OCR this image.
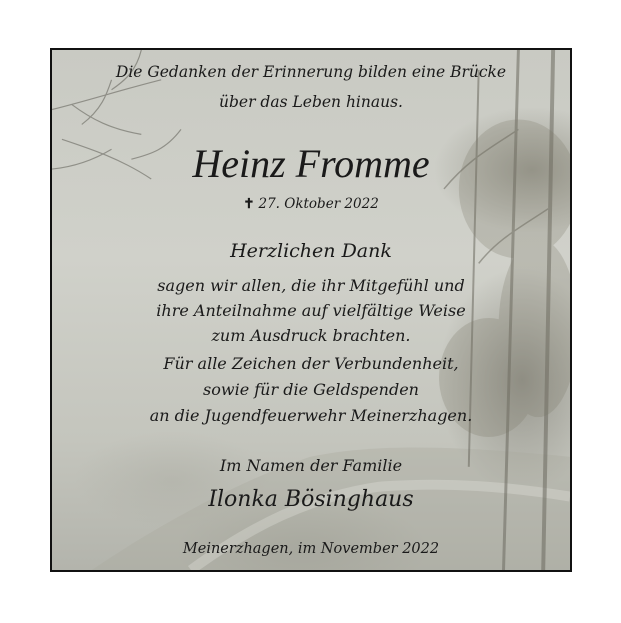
Die Gedanken der Erinnerung bilden eine Brücke
über das Leben hinaus.
Heinz Fromme
✝ 27. Oktober 2022
Herzlichen Dank
sagen wir allen, die ihr Mitgefühl und
ihre Anteilnahme auf vielfältige Weise
zum Ausdruck brachten.
Für alle Zeichen der Verbundenheit,
sowie für die Geldspenden
an die Jugendfeuerwehr Meinerzhagen.
Im Namen der Familie
Ilonka Bösinghaus
Meinerzhagen, im November 2022
